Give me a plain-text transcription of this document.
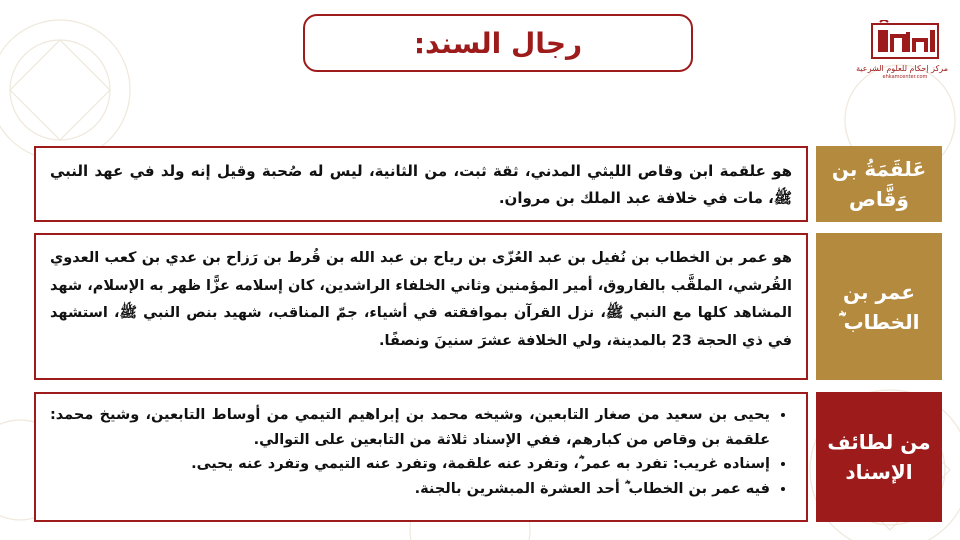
رجال السند:
مركز إحكام للعلوم الشرعية
ehkamcenter.com
هو علقمة ابن وقاص الليثي المدني، ثقة ثبت، من الثانية، ليس له صُحبة وقيل إنه ولد في عهد النبي ﷺ، مات في خلافة عبد الملك بن مروان.
عَلقَمَةُ بن وَقَّاص
هو عمر بن الخطاب بن نُفيل بن عبد العُزّى بن رياح بن عبد الله بن قُرط بن رَزاح بن عدي بن كعب العدوي القُرشي، الملقَّب بالفاروق، أمير المؤمنين وثاني الخلفاء الراشدين، كان إسلامه عزًّا ظهر به الإسلام، شهد المشاهد كلها مع النبي ﷺ، نزل القرآن بموافقته في أشياء، جمّ المناقب، شهيد بنص النبي ﷺ، استشهد في ذي الحجة 23 بالمدينة، ولي الخلافة عشرَ سنينَ ونصفًا.
عمر بن الخطاب ؓ
• يحيى بن سعيد من صغار التابعين، وشيخه محمد بن إبراهيم التيمي من أوساط التابعين، وشيخ محمد: علقمة بن وقاص من كبارهم، ففي الإسناد ثلاثة من التابعين على التوالي.
• إسناده غريب: تفرد به عمر ؓ، وتفرد عنه علقمة، وتفرد عنه التيمي وتفرد عنه يحيى.
• فيه عمر بن الخطاب ؓ أحد العشرة المبشرين بالجنة.
من لطائف الإسناد
